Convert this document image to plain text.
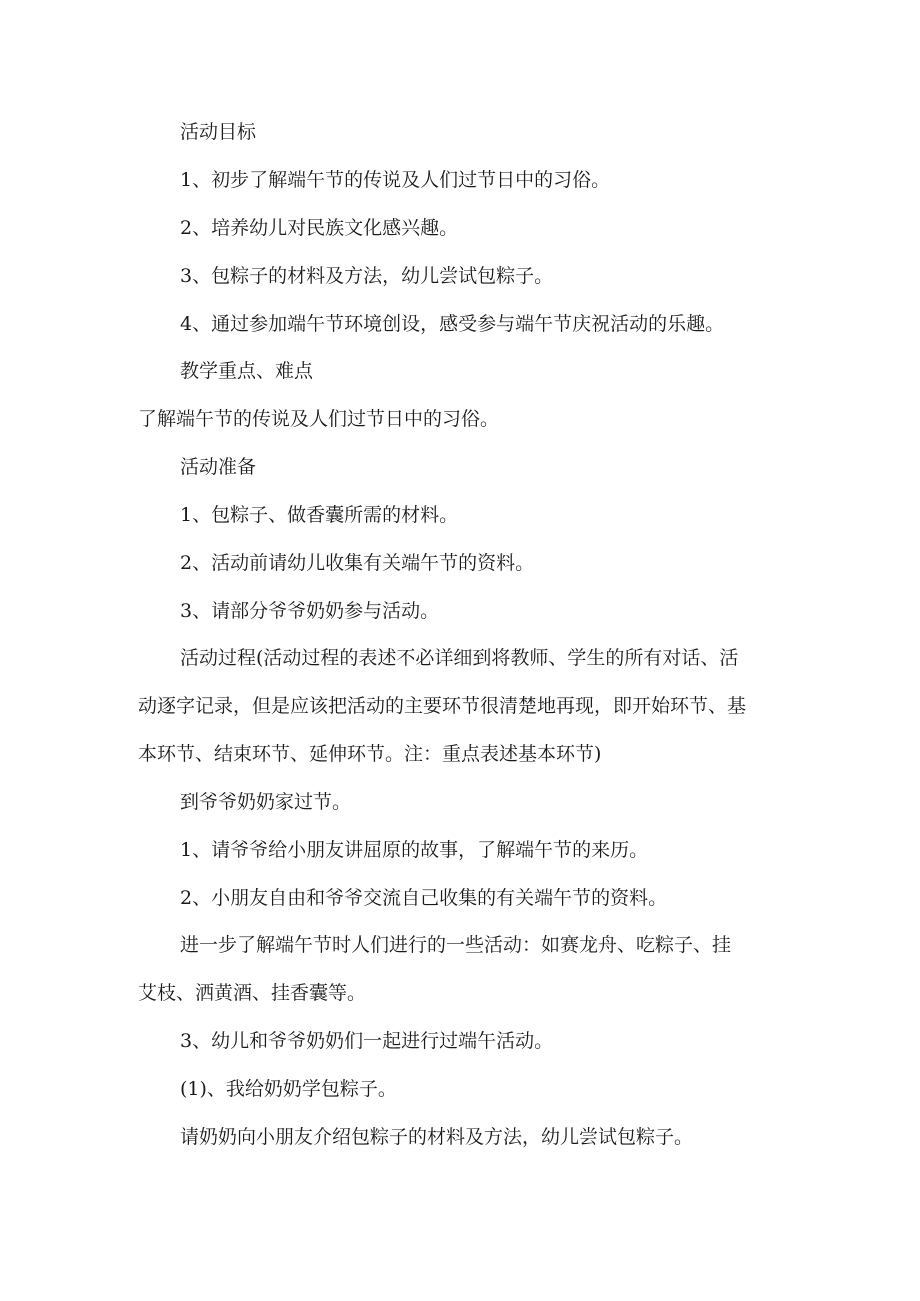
活动目标
1、初步了解端午节的传说及人们过节日中的习俗。
2、培养幼儿对民族文化感兴趣。
3、包粽子的材料及方法，幼儿尝试包粽子。
4、通过参加端午节环境创设，感受参与端午节庆祝活动的乐趣。
教学重点、难点
了解端午节的传说及人们过节日中的习俗。
活动准备
1、包粽子、做香囊所需的材料。
2、活动前请幼儿收集有关端午节的资料。
3、请部分爷爷奶奶参与活动。
活动过程(活动过程的表述不必详细到将教师、学生的所有对话、活
动逐字记录，但是应该把活动的主要环节很清楚地再现，即开始环节、基
本环节、结束环节、延伸环节。注：重点表述基本环节)
到爷爷奶奶家过节。
1、请爷爷给小朋友讲屈原的故事，了解端午节的来历。
2、小朋友自由和爷爷交流自己收集的有关端午节的资料。
进一步了解端午节时人们进行的一些活动：如赛龙舟、吃粽子、挂
艾枝、洒黄酒、挂香囊等。
3、幼儿和爷爷奶奶们一起进行过端午活动。
(1)、我给奶奶学包粽子。
请奶奶向小朋友介绍包粽子的材料及方法，幼儿尝试包粽子。
